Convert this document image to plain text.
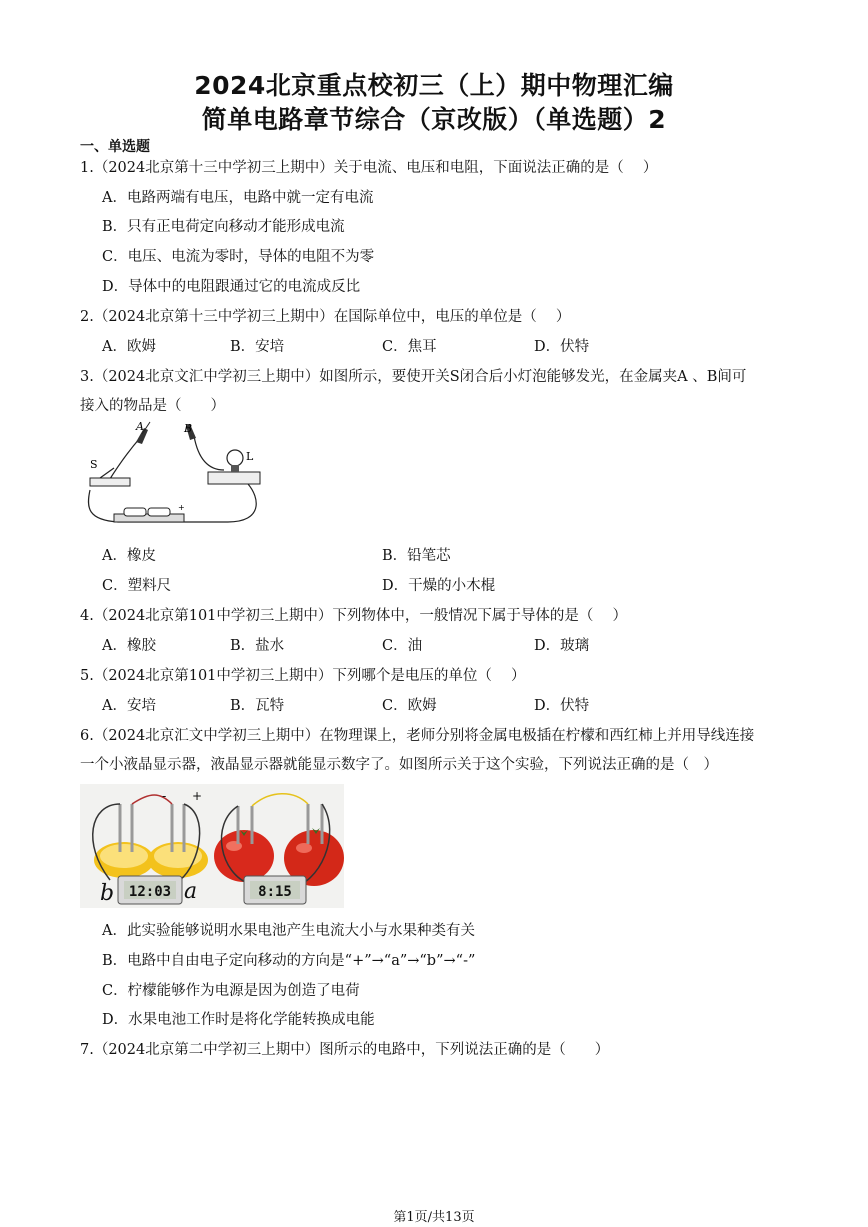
2024北京重点校初三（上）期中物理汇编
简单电路章节综合（京改版）（单选题）2
一、单选题
1.（2024北京第十三中学初三上期中）关于电流、电压和电阻，下面说法正确的是（　 ）
A．电路两端有电压，电路中就一定有电流
B．只有正电荷定向移动才能形成电流
C．电压、电流为零时，导体的电阻不为零
D．导体中的电阻跟通过它的电流成反比
2.（2024北京第十三中学初三上期中）在国际单位中，电压的单位是（　 ）
A．欧姆	B．安培	C．焦耳	D．伏特
3.（2024北京文汇中学初三上期中）如图所示，要使开关S闭合后小灯泡能够发光，在金属夹A 、B间可
接入的物品是（　　）
+
A	B
S
L
A．橡皮	B．铅笔芯
C．塑料尺	D．干燥的小木棍
4.（2024北京第101中学初三上期中）下列物体中，一般情况下属于导体的是（　 ）
A．橡胶	B．盐水	C．油	D．玻璃
5.（2024北京第101中学初三上期中）下列哪个是电压的单位（　 ）
A．安培	B．瓦特	C．欧姆	D．伏特
6.（2024北京汇文中学初三上期中）在物理课上，老师分别将金属电极插在柠檬和西红柿上并用导线连接
一个小液晶显示器，液晶显示器就能显示数字了。如图所示关于这个实验，下列说法正确的是（　）
12:03	8:15
b	a
- +
A．此实验能够说明水果电池产生电流大小与水果种类有关
B．电路中自由电子定向移动的方向是“+”→“a”→“b”→“-”
C．柠檬能够作为电源是因为创造了电荷
D．水果电池工作时是将化学能转换成电能
7.（2024北京第二中学初三上期中）图所示的电路中，下列说法正确的是（　　）
第1页/共13页
